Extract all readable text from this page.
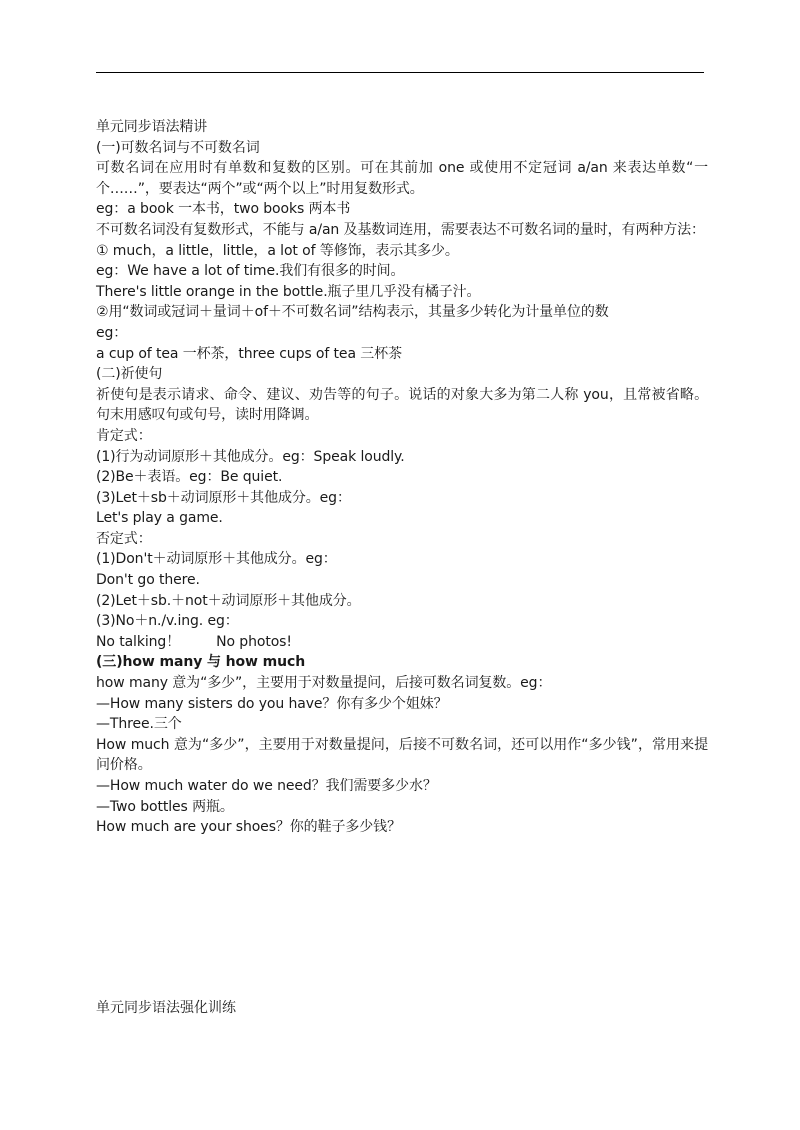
单元同步语法精讲
(一)可数名词与不可数名词
可数名词在应用时有单数和复数的区别。可在其前加 one 或使用不定冠词 a/an 来表达单数“一个……”，要表达“两个”或“两个以上”时用复数形式。
eg：a book 一本书，two books 两本书
不可数名词没有复数形式，不能与 a/an 及基数词连用，需要表达不可数名词的量时，有两种方法：
① much，a little，little，a lot of 等修饰，表示其多少。
eg：We have a lot of time.我们有很多的时间。
There's little orange in the bottle.瓶子里几乎没有橘子汁。
②用“数词或冠词＋量词＋of＋不可数名词”结构表示，其量多少转化为计量单位的数
eg：
a cup of tea 一杯茶，three cups of tea 三杯茶
(二)祈使句
祈使句是表示请求、命令、建议、劝告等的句子。说话的对象大多为第二人称 you，且常被省略。句末用感叹句或句号，读时用降调。
肯定式：
(1)行为动词原形＋其他成分。eg：Speak loudly.
(2)Be＋表语。eg：Be quiet.
(3)Let＋sb＋动词原形＋其他成分。eg：
Let's play a game.
否定式：
(1)Don't＋动词原形＋其他成分。eg：
Don't go there.
(2)Let＋sb.＋not＋动词原形＋其他成分。
(3)No＋n./v.ing. eg：
No talking！	No photos!
(三)how many 与 how much
how many 意为“多少”，主要用于对数量提问，后接可数名词复数。eg：
—How many sisters do you have？你有多少个姐妹？
—Three.三个
How much 意为“多少”，主要用于对数量提问，后接不可数名词，还可以用作“多少钱”，常用来提问价格。
—How much water do we need？我们需要多少水？
—Two bottles 两瓶。
How much are your shoes？你的鞋子多少钱？
单元同步语法强化训练
